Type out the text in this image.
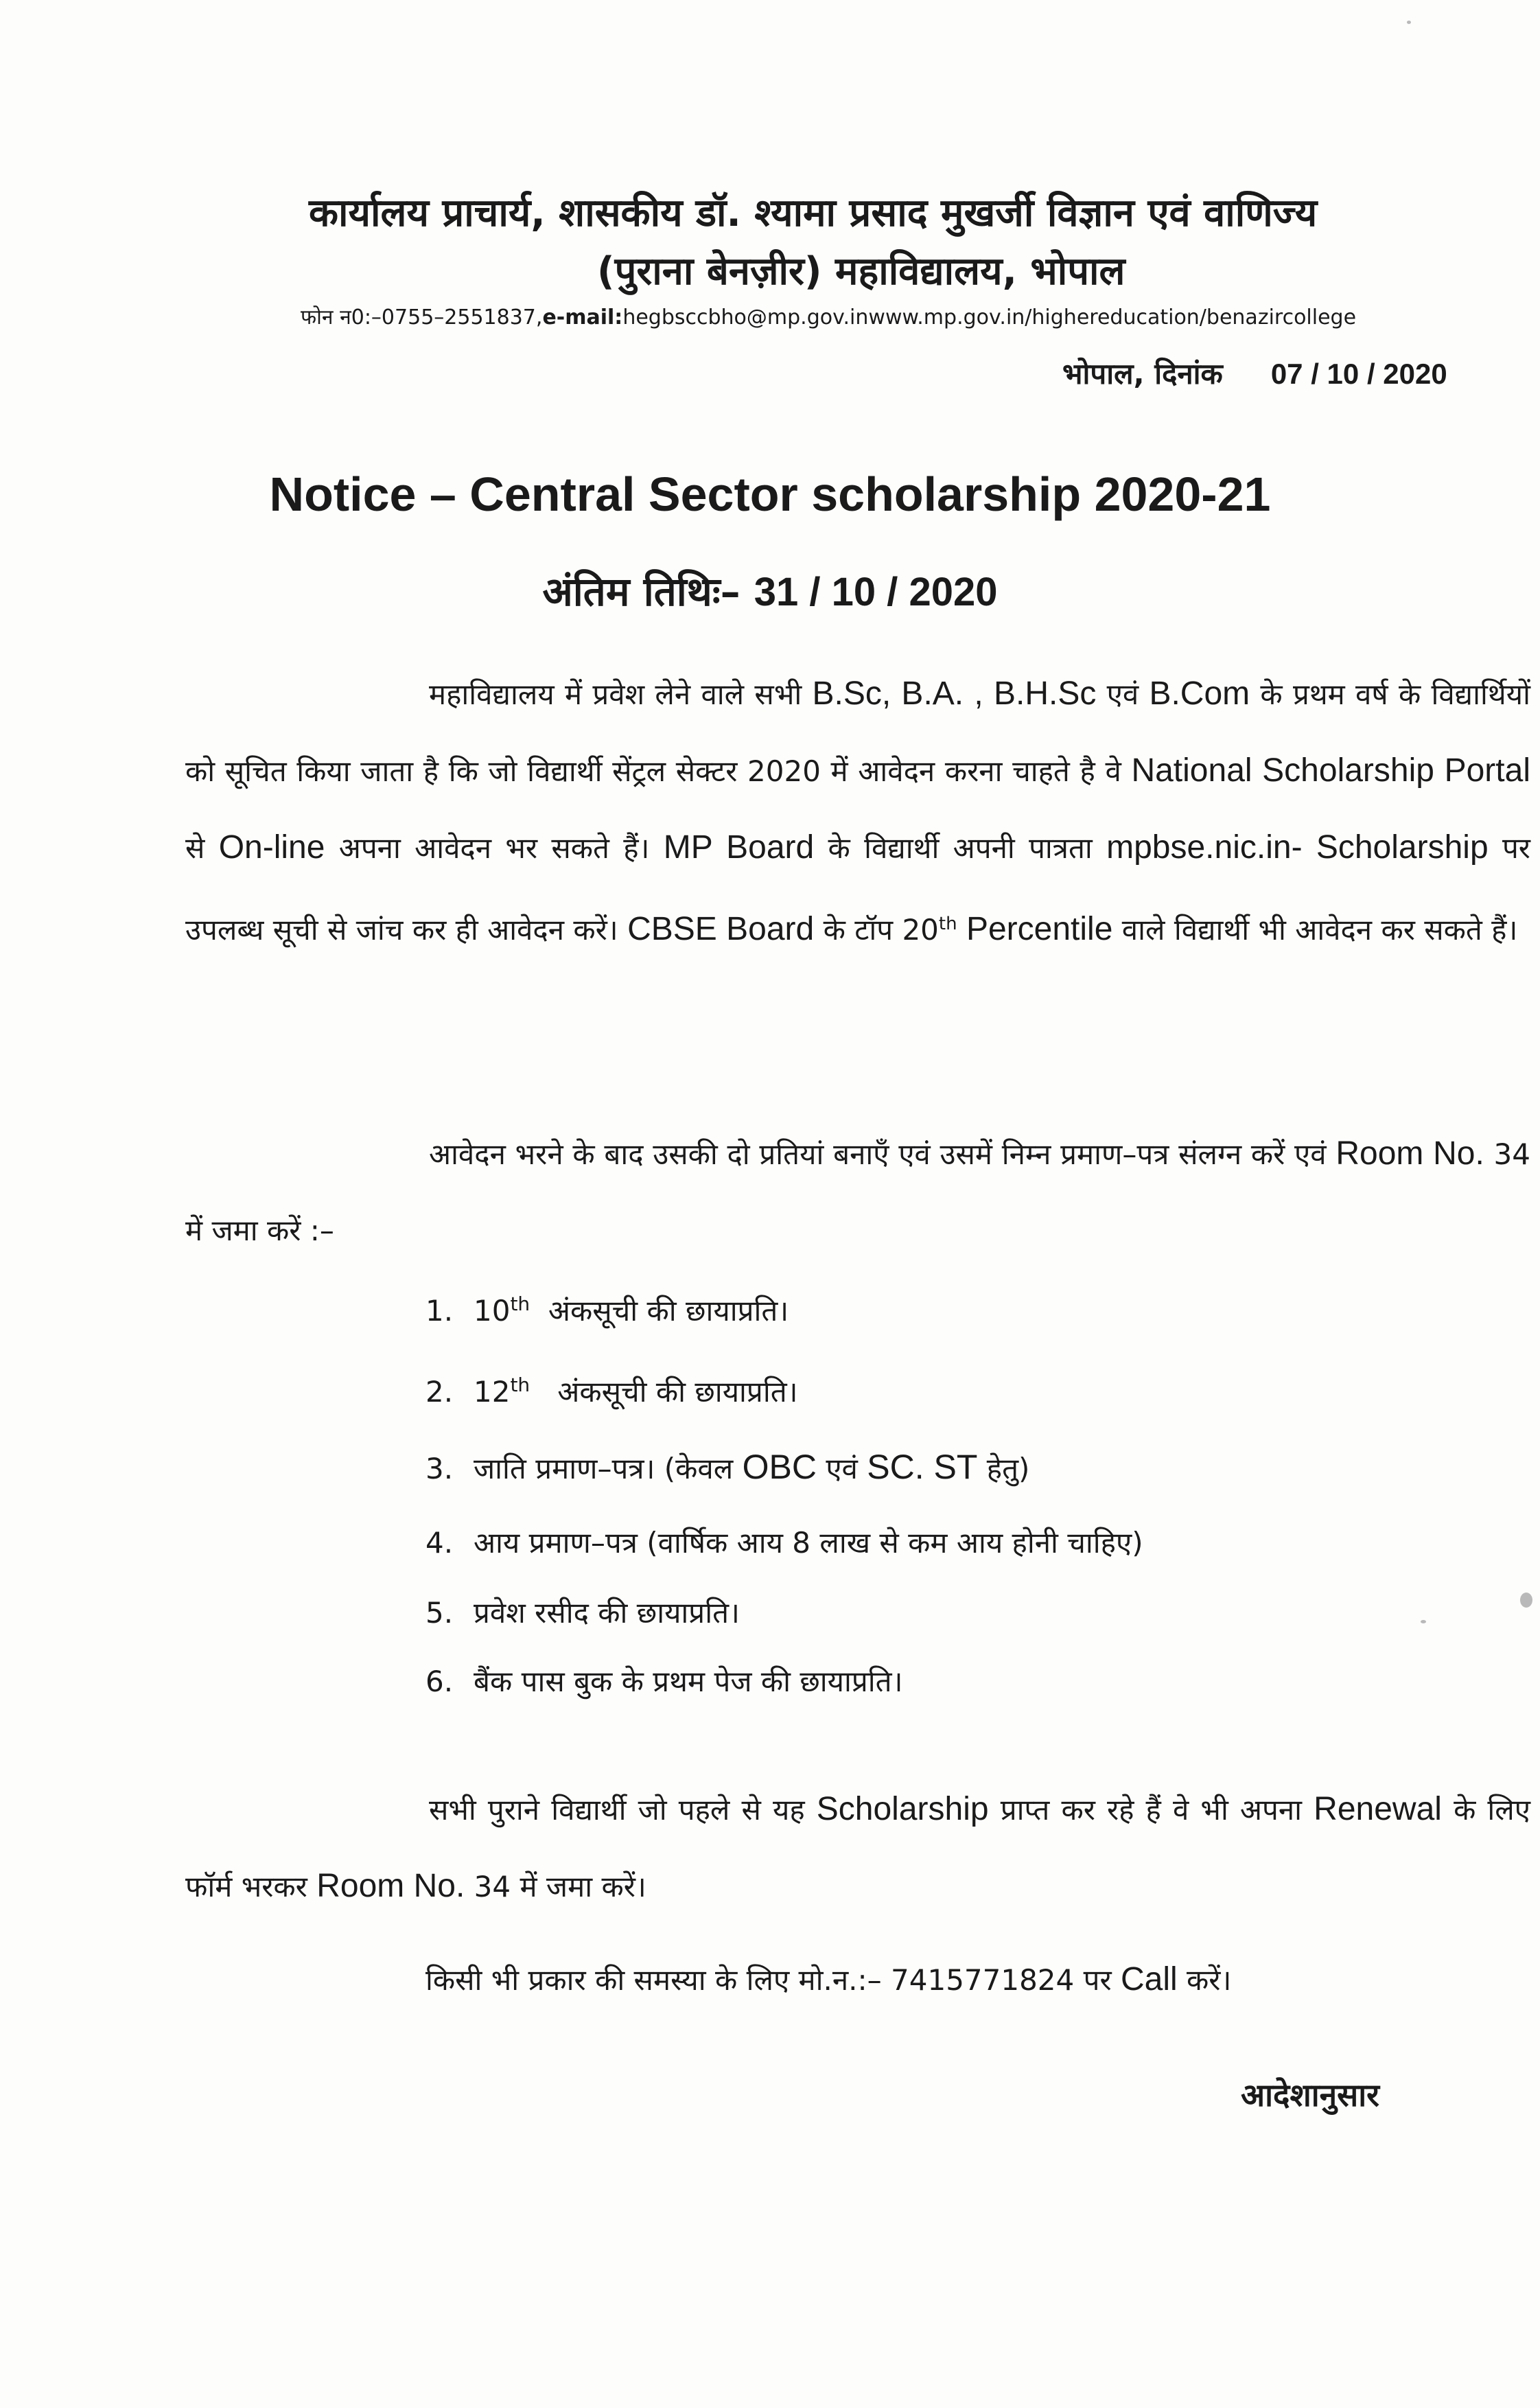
कार्यालय प्राचार्य, शासकीय डॉ. श्यामा प्रसाद मुखर्जी विज्ञान एवं वाणिज्य
(पुराना बेनज़ीर) महाविद्यालय, भोपाल
फोन न0:–0755–2551837,e-mail:hegbsccbho@mp.gov.inwww.mp.gov.in/highereducation/benazircollege
भोपाल, दिनांक 07 / 10 / 2020
Notice – Central Sector scholarship 2020-21
अंतिम तिथिः– 31 / 10 / 2020
महाविद्यालय में प्रवेश लेने वाले सभी B.Sc, B.A. , B.H.Sc एवं B.Com के प्रथम वर्ष के विद्यार्थियों को सूचित किया जाता है कि जो विद्यार्थी सेंट्रल सेक्टर 2020 में आवेदन करना चाहते है वे National Scholarship Portal से On-line अपना आवेदन भर सकते हैं। MP Board के विद्यार्थी अपनी पात्रता mpbse.nic.in- Scholarship पर उपलब्ध सूची से जांच कर ही आवेदन करें। CBSE Board के टॉप 20th Percentile वाले विद्यार्थी भी आवेदन कर सकते हैं।
आवेदन भरने के बाद उसकी दो प्रतियां बनाएँ एवं उसमें निम्न प्रमाण–पत्र संलग्न करें एवं Room No. 34 में जमा करें :–
1. 10th अंकसूची की छायाप्रति।
2. 12th अंकसूची की छायाप्रति।
3. जाति प्रमाण–पत्र। (केवल OBC एवं SC. ST हेतु)
4. आय प्रमाण–पत्र (वार्षिक आय 8 लाख से कम आय होनी चाहिए)
5. प्रवेश रसीद की छायाप्रति।
6. बैंक पास बुक के प्रथम पेज की छायाप्रति।
सभी पुराने विद्यार्थी जो पहले से यह Scholarship प्राप्त कर रहे हैं वे भी अपना Renewal के लिए फॉर्म भरकर Room No. 34 में जमा करें।
किसी भी प्रकार की समस्या के लिए मो.न.:– 7415771824 पर Call करें।
आदेशानुसार
